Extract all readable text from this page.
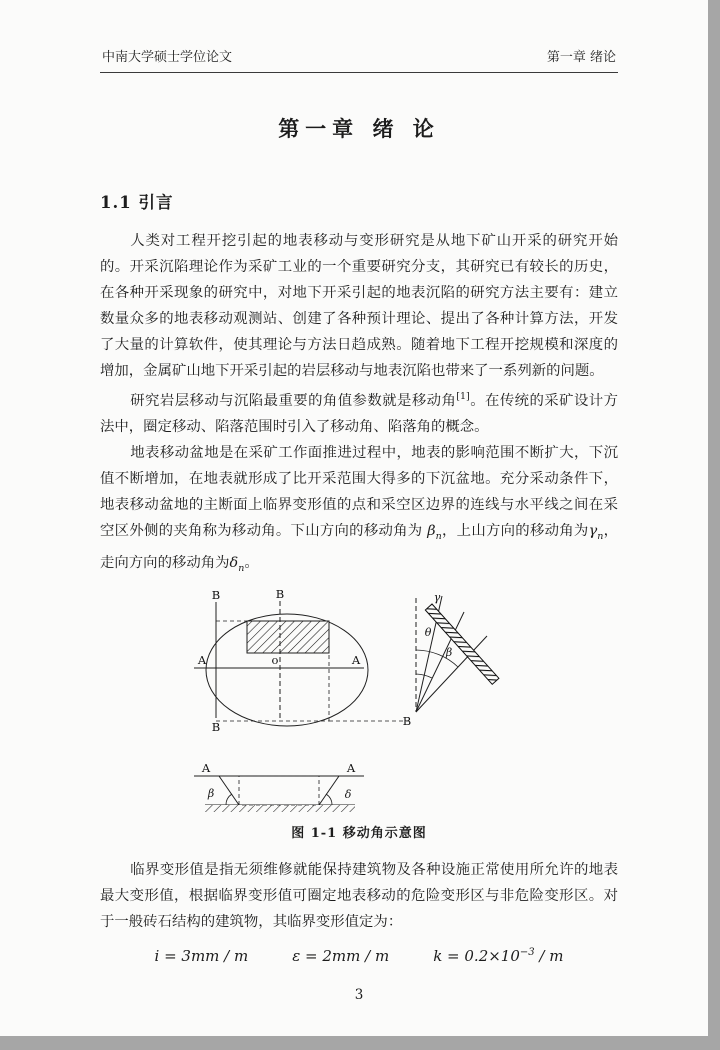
中南大学硕士学位论文	第一章 绪论
第一章 绪 论
1.1 引言

人类对工程开挖引起的地表移动与变形研究是从地下矿山开采的研究开始的。开采沉陷理论作为采矿工业的一个重要研究分支，其研究已有较长的历史，在各种开采现象的研究中，对地下开采引起的地表沉陷的研究方法主要有：建立数量众多的地表移动观测站、创建了各种预计理论、提出了各种计算方法，开发了大量的计算软件，使其理论与方法日趋成熟。随着地下工程开挖规模和深度的增加，金属矿山地下开采引起的岩层移动与地表沉陷也带来了一系列新的问题。

研究岩层移动与沉陷最重要的角值参数就是移动角[1]。在传统的采矿设计方法中，圈定移动、陷落范围时引入了移动角、陷落角的概念。

地表移动盆地是在采矿工作面推进过程中，地表的影响范围不断扩大，下沉值不断增加，在地表就形成了比开采范围大得多的下沉盆地。充分采动条件下，地表移动盆地的主断面上临界变形值的点和采空区边界的连线与水平线之间在采空区外侧的夹角称为移动角。下山方向的移动角为 $\beta_n$，上山方向的移动角为$\gamma_n$，走向方向的移动角为$\delta_n$。

B	B
B	B
A	A
o
γ
θ
β
A	A
β	δ
图 1-1 移动角示意图

临界变形值是指无须维修就能保持建筑物及各种设施正常使用所允许的地表最大变形值，根据临界变形值可圈定地表移动的危险变形区与非危险变形区。对于一般砖石结构的建筑物，其临界变形值定为：

i = 3mm / m	ε = 2mm / m	$k = 0.2\times 10^{-3} / m$
3
